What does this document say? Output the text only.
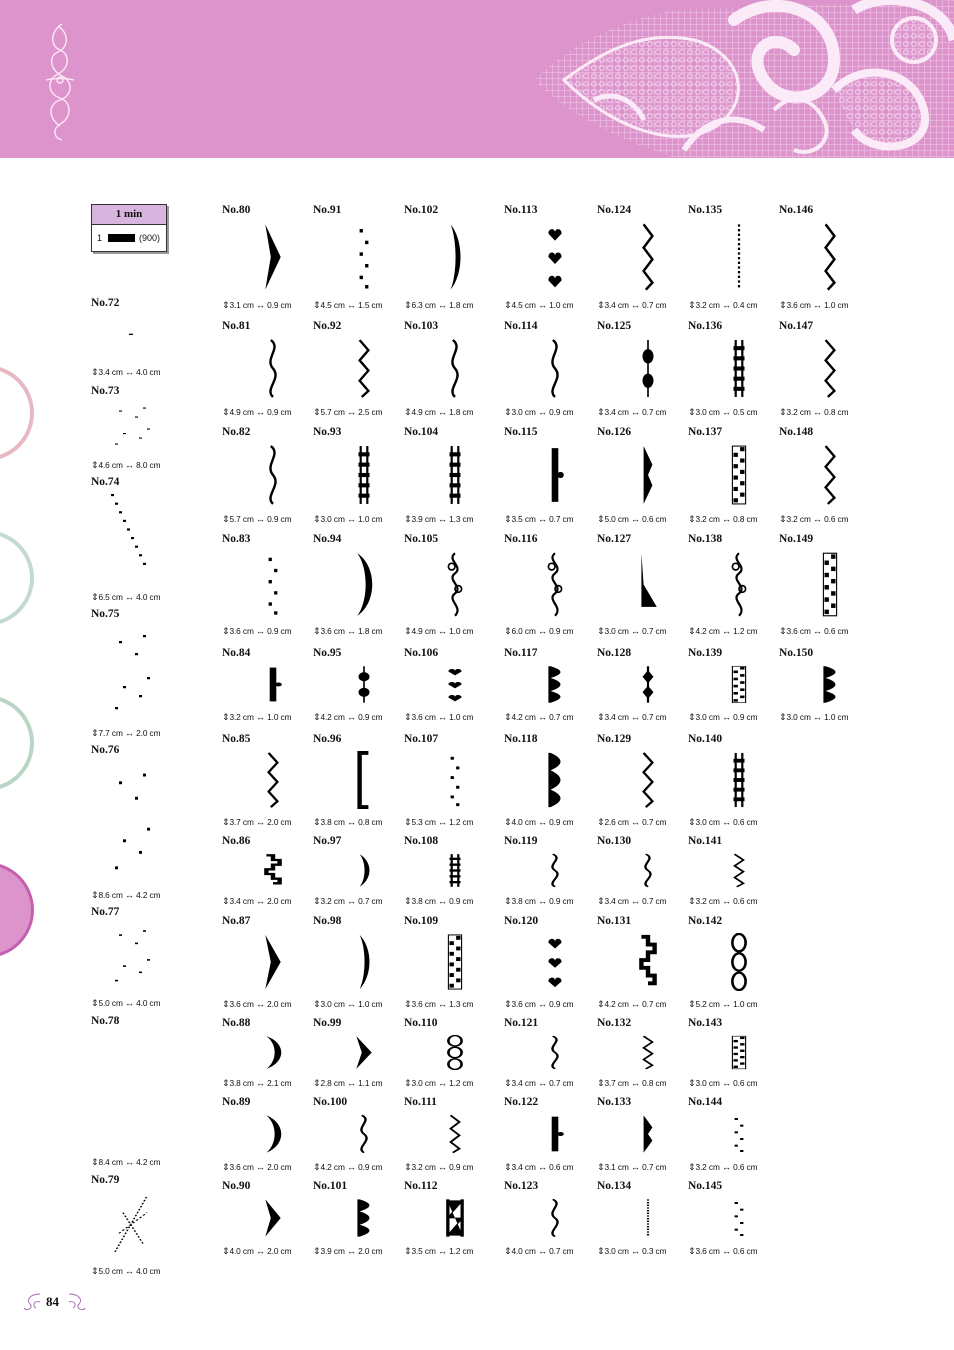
1 min
1	(900)
No.80
⇕3.1 cm ↔ 0.9 cm
No.81
⇕4.9 cm ↔ 0.9 cm
No.82
⇕5.7 cm ↔ 0.9 cm
No.83
⇕3.6 cm ↔ 0.9 cm
No.84
⇕3.2 cm ↔ 1.0 cm
No.85
⇕3.7 cm ↔ 2.0 cm
No.86
⇕3.4 cm ↔ 2.0 cm
No.87
⇕3.6 cm ↔ 2.0 cm
No.88
⇕3.8 cm ↔ 2.1 cm
No.89
⇕3.6 cm ↔ 2.0 cm
No.90
⇕4.0 cm ↔ 2.0 cm
No.91
⇕4.5 cm ↔ 1.5 cm
No.92
⇕5.7 cm ↔ 2.5 cm
No.93
⇕3.0 cm ↔ 1.0 cm
No.94
⇕3.6 cm ↔ 1.8 cm
No.95
⇕4.2 cm ↔ 0.9 cm
No.96
⇕3.8 cm ↔ 0.8 cm
No.97
⇕3.2 cm ↔ 0.7 cm
No.98
⇕3.0 cm ↔ 1.0 cm
No.99
⇕2.8 cm ↔ 1.1 cm
No.100
⇕4.2 cm ↔ 0.9 cm
No.101
⇕3.9 cm ↔ 2.0 cm
No.102
⇕6.3 cm ↔ 1.8 cm
No.103
⇕4.9 cm ↔ 1.8 cm
No.104
⇕3.9 cm ↔ 1.3 cm
No.105
⇕4.9 cm ↔ 1.0 cm
No.106
⇕3.6 cm ↔ 1.0 cm
No.107
⇕5.3 cm ↔ 1.2 cm
No.108
⇕3.8 cm ↔ 0.9 cm
No.109
⇕3.6 cm ↔ 1.3 cm
No.110
⇕3.0 cm ↔ 1.2 cm
No.111
⇕3.2 cm ↔ 0.9 cm
No.112
⇕3.5 cm ↔ 1.2 cm
No.113
⇕4.5 cm ↔ 1.0 cm
No.114
⇕3.0 cm ↔ 0.9 cm
No.115
⇕3.5 cm ↔ 0.7 cm
No.116
⇕6.0 cm ↔ 0.9 cm
No.117
⇕4.2 cm ↔ 0.7 cm
No.118
⇕4.0 cm ↔ 0.9 cm
No.119
⇕3.8 cm ↔ 0.9 cm
No.120
⇕3.6 cm ↔ 0.9 cm
No.121
⇕3.4 cm ↔ 0.7 cm
No.122
⇕3.4 cm ↔ 0.6 cm
No.123
⇕4.0 cm ↔ 0.7 cm
No.124
⇕3.4 cm ↔ 0.7 cm
No.125
⇕3.4 cm ↔ 0.7 cm
No.126
⇕5.0 cm ↔ 0.6 cm
No.127
⇕3.0 cm ↔ 0.7 cm
No.128
⇕3.4 cm ↔ 0.7 cm
No.129
⇕2.6 cm ↔ 0.7 cm
No.130
⇕3.4 cm ↔ 0.7 cm
No.131
⇕4.2 cm ↔ 0.7 cm
No.132
⇕3.7 cm ↔ 0.8 cm
No.133
⇕3.1 cm ↔ 0.7 cm
No.134
⇕3.0 cm ↔ 0.3 cm
No.135
⇕3.2 cm ↔ 0.4 cm
No.136
⇕3.0 cm ↔ 0.5 cm
No.137
⇕3.2 cm ↔ 0.8 cm
No.138
⇕4.2 cm ↔ 1.2 cm
No.139
⇕3.0 cm ↔ 0.9 cm
No.140
⇕3.0 cm ↔ 0.6 cm
No.141
⇕3.2 cm ↔ 0.6 cm
No.142
⇕5.2 cm ↔ 1.0 cm
No.143
⇕3.0 cm ↔ 0.6 cm
No.144
⇕3.2 cm ↔ 0.6 cm
No.145
⇕3.6 cm ↔ 0.6 cm
No.146
⇕3.6 cm ↔ 1.0 cm
No.147
⇕3.2 cm ↔ 0.8 cm
No.148
⇕3.2 cm ↔ 0.6 cm
No.149
⇕3.6 cm ↔ 0.6 cm
No.150
⇕3.0 cm ↔ 1.0 cm
No.72
⇕3.4 cm ↔ 4.0 cm
No.73
⇕4.6 cm ↔ 8.0 cm
No.74
⇕6.5 cm ↔ 4.0 cm
No.75
⇕7.7 cm ↔ 2.0 cm
No.76
⇕8.6 cm ↔ 4.2 cm
No.77
⇕5.0 cm ↔ 4.0 cm
No.78
⇕8.4 cm ↔ 4.2 cm
No.79
⇕5.0 cm ↔ 4.0 cm
84
